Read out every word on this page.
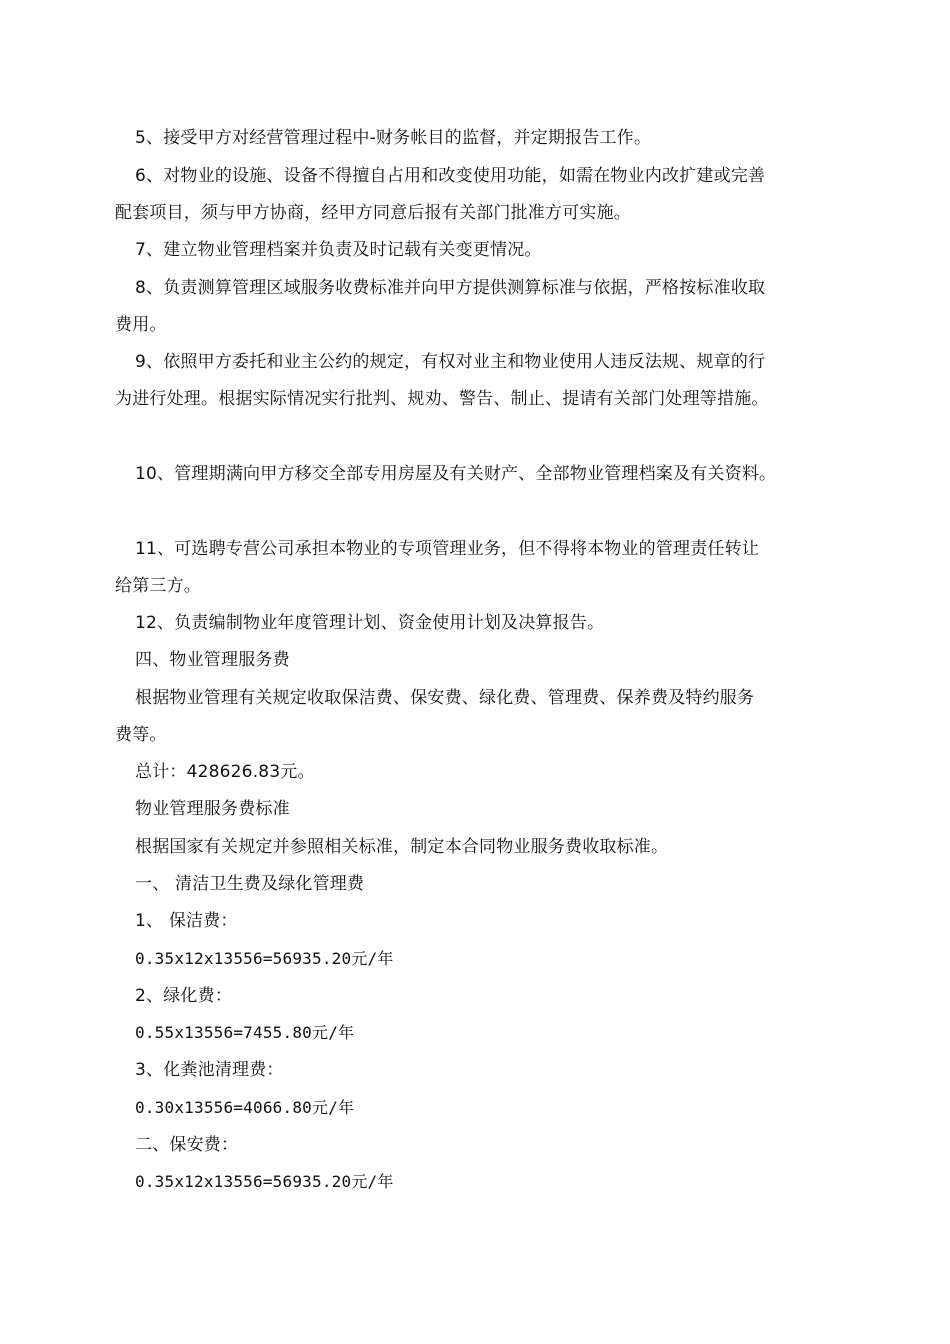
5、接受甲方对经营管理过程中-财务帐目的监督，并定期报告工作。
6、对物业的设施、设备不得擅自占用和改变使用功能，如需在物业内改扩建或完善
配套项目，须与甲方协商，经甲方同意后报有关部门批准方可实施。
7、建立物业管理档案并负责及时记载有关变更情况。
8、负责测算管理区域服务收费标准并向甲方提供测算标准与依据，严格按标准收取
费用。
9、依照甲方委托和业主公约的规定，有权对业主和物业使用人违反法规、规章的行
为进行处理。根据实际情况实行批判、规劝、警告、制止、提请有关部门处理等措施。
10、管理期满向甲方移交全部专用房屋及有关财产、全部物业管理档案及有关资料。
11、可选聘专营公司承担本物业的专项管理业务，但不得将本物业的管理责任转让
给第三方。
12、负责编制物业年度管理计划、资金使用计划及决算报告。
四、物业管理服务费
根据物业管理有关规定收取保洁费、保安费、绿化费、管理费、保养费及特约服务
费等。
总计：428626.83元。
物业管理服务费标准
根据国家有关规定并参照相关标准，制定本合同物业服务费收取标准。
一、 清洁卫生费及绿化管理费
1、 保洁费：
0.35x12x13556=56935.20元/年
2、绿化费：
0.55x13556=7455.80元/年
3、化粪池清理费：
0.30x13556=4066.80元/年
二、保安费：
0.35x12x13556=56935.20元/年
